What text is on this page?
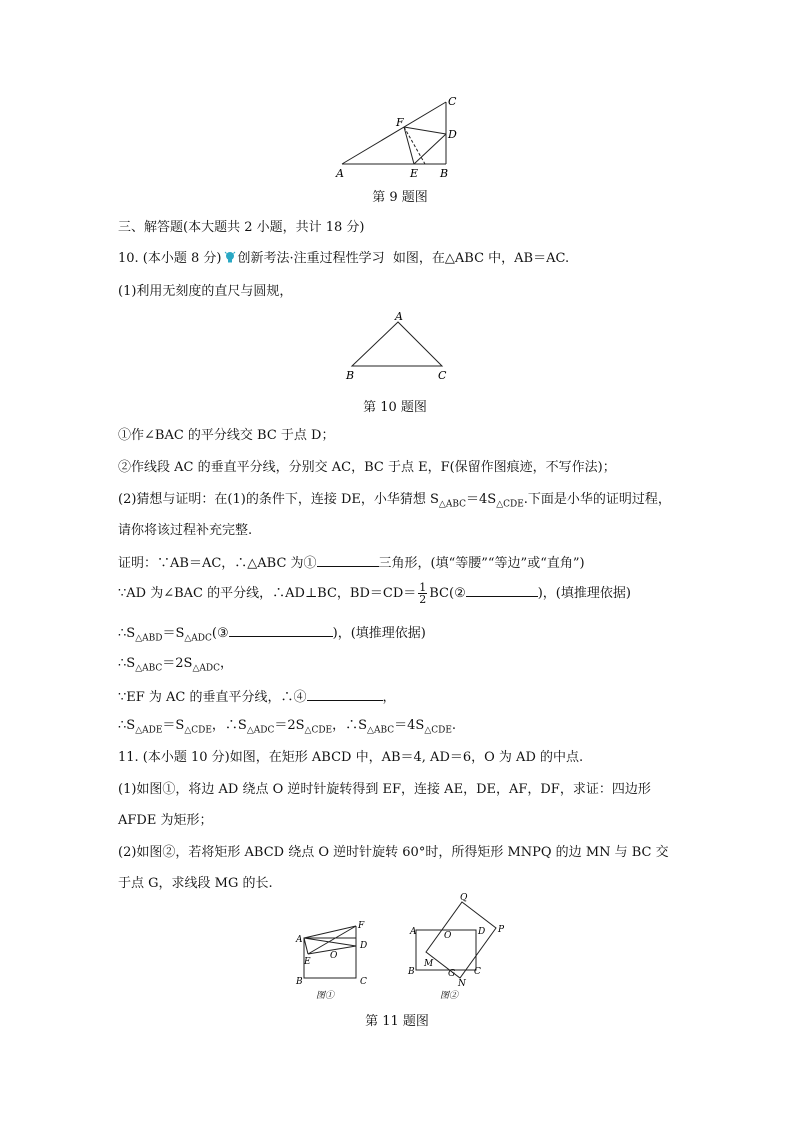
C
F
D
A	E B
第 9 题图
三、解答题(本大题共 2 小题，共计 18 分)
10. (本小题 8 分) 创新考法·注重过程性学习 如图，在△ABC 中，AB＝AC.
(1)利用无刻度的直尺与圆规，
A
B	C
第 10 题图
①作∠BAC 的平分线交 BC 于点 D；
②作线段 AC 的垂直平分线，分别交 AC，BC 于点 E，F(保留作图痕迹，不写作法)；
(2)猜想与证明：在(1)的条件下，连接 DE，小华猜想 $S_{\triangle ABC}=4S_{\triangle CDE}$.下面是小华的证明过程，
请你将该过程补充完整.
证明：∵AB＝AC，∴△ABC 为①	三角形，(填“等腰”“等边”或“直角”)
∵AD 为∠BAC 的平分线，∴AD⊥BC，$BD=CD= \frac{1}{2}$ BC(②	)，(填推理依据)
$\therefore S_{\triangle ABD}=S_{\triangle ADC}(③$	)，(填推理依据)
$\therefore S_{\triangle ABC}=2S_{\triangle ADC}$，
∵EF 为 AC 的垂直平分线，∴④	，
$\therefore S_{\triangle ADE}=S_{\triangle CDE}$，$\therefore S_{\triangle ADC}=2S_{\triangle CDE}$，$\therefore S_{\triangle ABC}=4S_{\triangle CDE}$.
11. (本小题 10 分)如图，在矩形 ABCD 中，AB＝4, AD＝6，O 为 AD 的中点.
(1)如图①，将边 AD 绕点 O 逆时针旋转得到 EF，连接 AE，DE，AF，DF，求证：四边形
AFDE 为矩形；
(2)如图②，若将矩形 ABCD 绕点 O 逆时针旋转 60°时，所得矩形 MNPQ 的边 MN 与 BC 交
于点 G，求线段 MG 的长.
A
F
D
E
O
B	C
图①
Q
A	O	D P
B
M
G C
N
图②
第 11 题图
